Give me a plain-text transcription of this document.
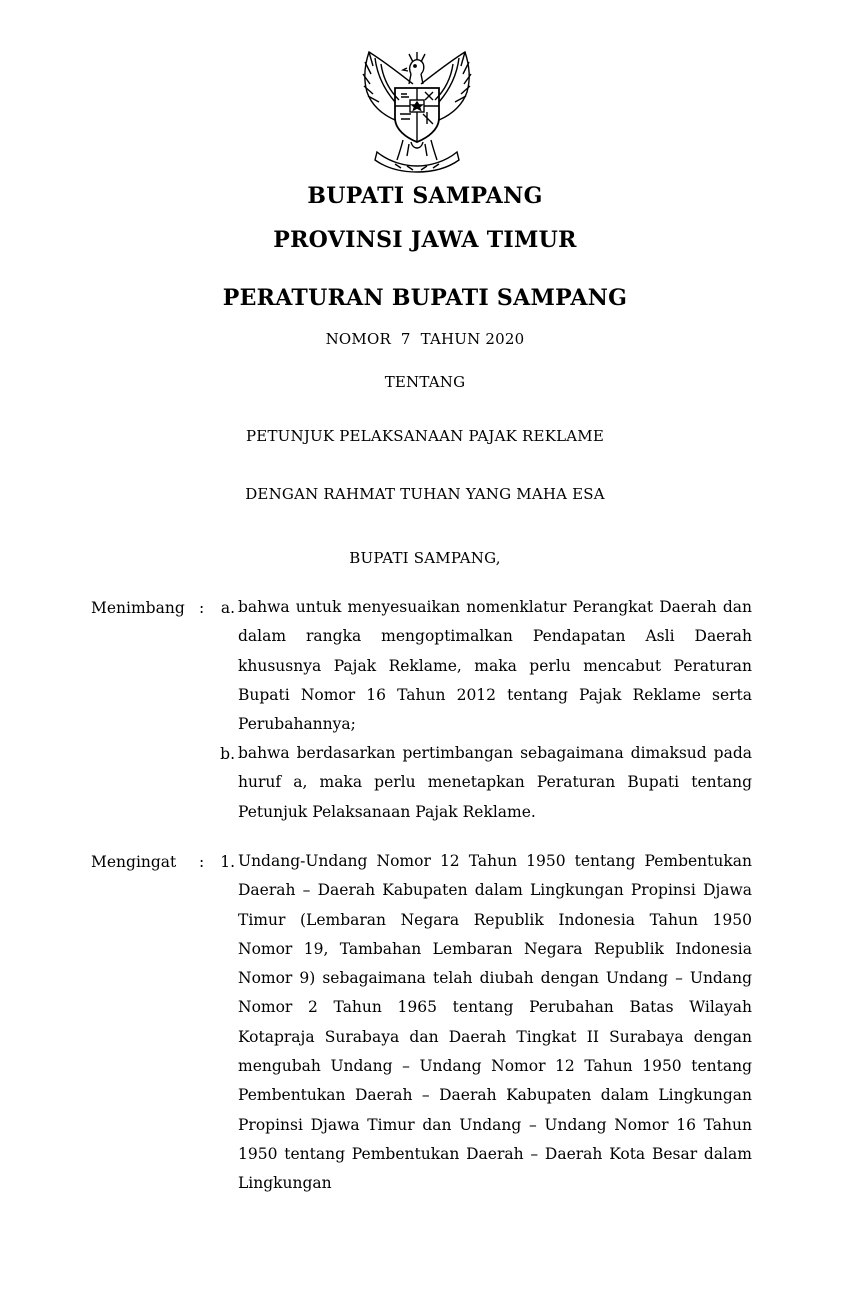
BUPATI SAMPANG
PROVINSI JAWA TIMUR
PERATURAN BUPATI SAMPANG
NOMOR  7  TAHUN 2020
TENTANG
PETUNJUK PELAKSANAAN PAJAK REKLAME
DENGAN RAHMAT TUHAN YANG MAHA ESA
BUPATI SAMPANG,
Menimbang :	a. bahwa untuk menyesuaikan nomenklatur Perangkat Daerah dan dalam rangka mengoptimalkan Pendapatan Asli Daerah khususnya Pajak Reklame, maka perlu mencabut Peraturan Bupati Nomor 16 Tahun 2012 tentang Pajak Reklame serta Perubahannya;
b. bahwa berdasarkan pertimbangan sebagaimana dimaksud pada huruf a, maka perlu menetapkan Peraturan Bupati tentang Petunjuk Pelaksanaan Pajak Reklame.
Mengingat :	1. Undang-Undang Nomor 12 Tahun 1950 tentang Pembentukan Daerah – Daerah Kabupaten dalam Lingkungan Propinsi Djawa Timur (Lembaran Negara Republik Indonesia Tahun 1950 Nomor 19, Tambahan Lembaran Negara Republik Indonesia Nomor 9) sebagaimana telah diubah dengan Undang – Undang Nomor 2 Tahun 1965 tentang Perubahan Batas Wilayah Kotapraja Surabaya dan Daerah Tingkat II Surabaya dengan mengubah Undang – Undang Nomor 12 Tahun 1950 tentang Pembentukan Daerah – Daerah Kabupaten dalam Lingkungan Propinsi Djawa Timur dan Undang – Undang Nomor 16 Tahun 1950 tentang Pembentukan Daerah – Daerah Kota Besar dalam Lingkungan
